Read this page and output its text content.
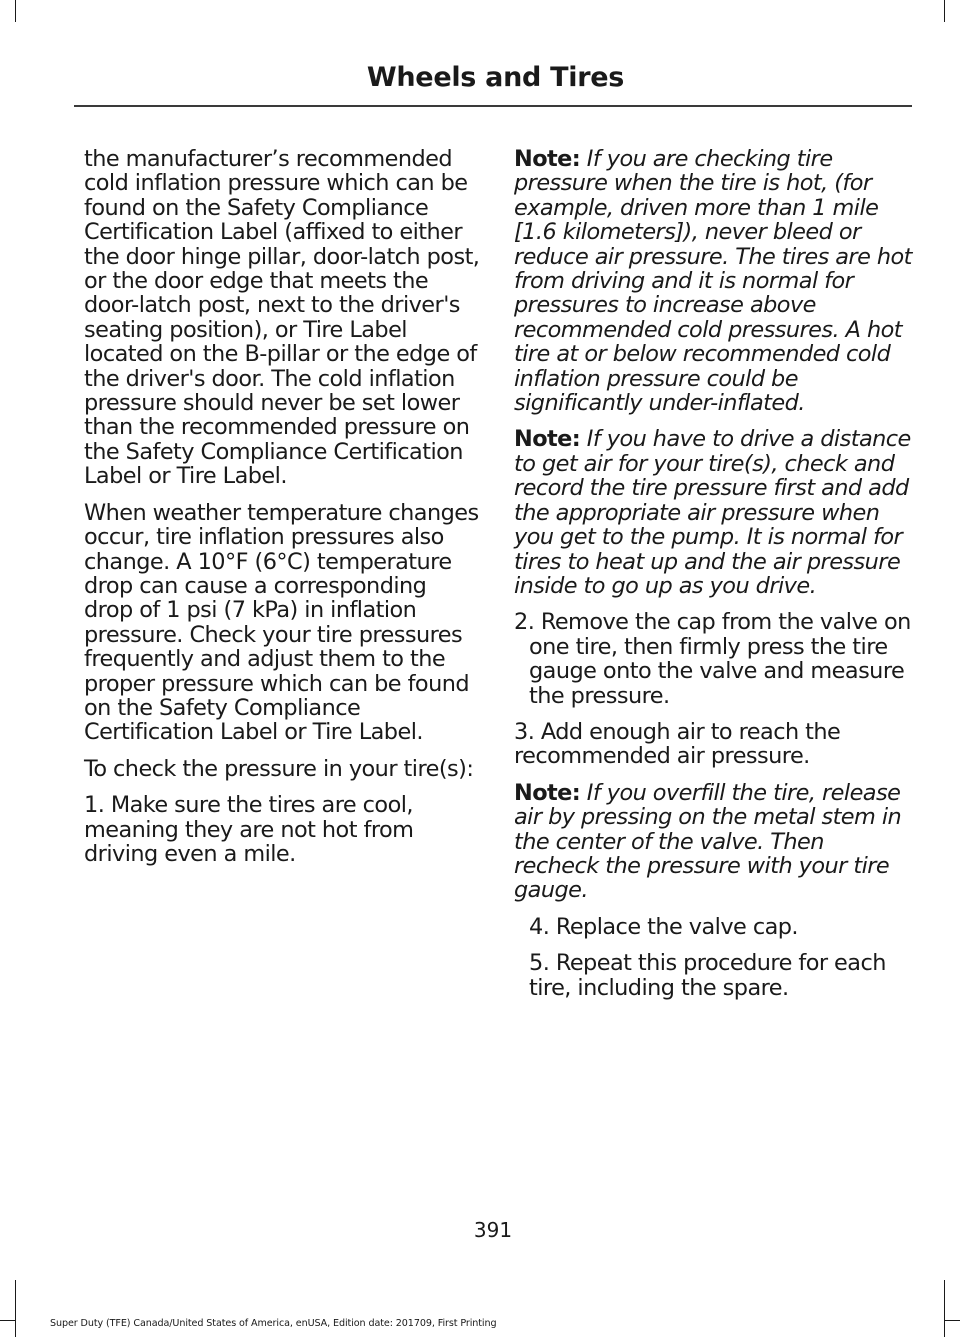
Wheels and Tires

the manufacturer’s recommended cold inflation pressure which can be found on the Safety Compliance Certification Label (affixed to either the door hinge pillar, door-latch post, or the door edge that meets the door-latch post, next to the driver's seating position), or Tire Label located on the B-pillar or the edge of the driver's door. The cold inflation pressure should never be set lower than the recommended pressure on the Safety Compliance Certification Label or Tire Label.

When weather temperature changes occur, tire inflation pressures also change. A 10°F (6°C) temperature drop can cause a corresponding drop of 1 psi (7 kPa) in inflation pressure. Check your tire pressures frequently and adjust them to the proper pressure which can be found on the Safety Compliance Certification Label or Tire Label.

To check the pressure in your tire(s):

1. Make sure the tires are cool, meaning they are not hot from driving even a mile.

Note: If you are checking tire pressure when the tire is hot, (for example, driven more than 1 mile [1.6 kilometers]), never bleed or reduce air pressure. The tires are hot from driving and it is normal for pressures to increase above recommended cold pressures. A hot tire at or below recommended cold inflation pressure could be significantly under-inflated.

Note: If you have to drive a distance to get air for your tire(s), check and record the tire pressure first and add the appropriate air pressure when you get to the pump. It is normal for tires to heat up and the air pressure inside to go up as you drive.

2. Remove the cap from the valve on one tire, then firmly press the tire gauge onto the valve and measure the pressure.

3. Add enough air to reach the recommended air pressure.

Note: If you overfill the tire, release air by pressing on the metal stem in the center of the valve. Then recheck the pressure with your tire gauge.

4. Replace the valve cap.

5. Repeat this procedure for each tire, including the spare.

391
Super Duty (TFE) Canada/United States of America, enUSA, Edition date: 201709, First Printing
